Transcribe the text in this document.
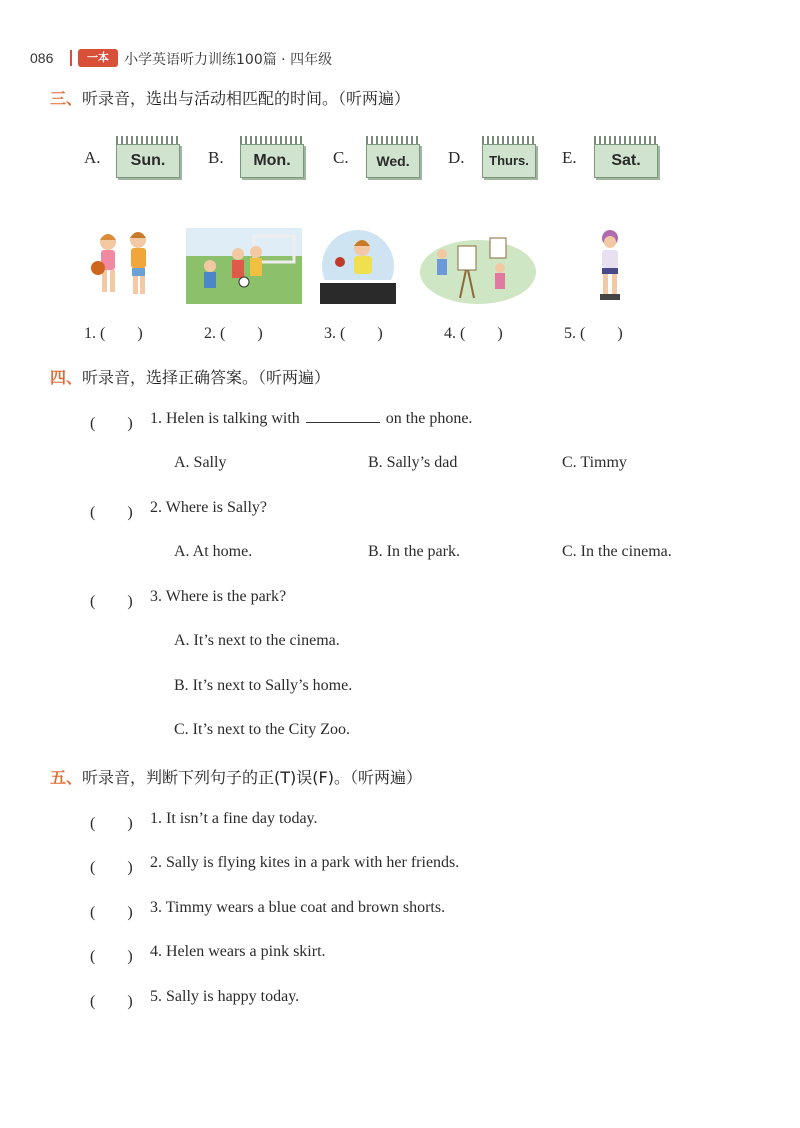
086	一本	小学英语听力训练100篇 · 四年级
三、听录音，选出与活动相匹配的时间。（听两遍）
A.	Sun.	B.	Mon.	C.	Wed.	D.	Thurs.	E.	Sat.
1. (　　)	2. (　　)	3. (　　)	4. (　　)	5. (　　)
四、听录音，选择正确答案。（听两遍）
(　　) 1. Helen is talking with	on the phone.
A. Sally	B. Sally’s dad	C. Timmy
(　　) 2. Where is Sally?
A. At home.	B. In the park.	C. In the cinema.
(　　) 3. Where is the park?
A. It’s next to the cinema.
B. It’s next to Sally’s home.
C. It’s next to the City Zoo.
五、听录音，判断下列句子的正(T)误(F)。（听两遍）
(　　) 1. It isn’t a fine day today.
(　　) 2. Sally is flying kites in a park with her friends.
(　　) 3. Timmy wears a blue coat and brown shorts.
(　　) 4. Helen wears a pink skirt.
(　　) 5. Sally is happy today.
